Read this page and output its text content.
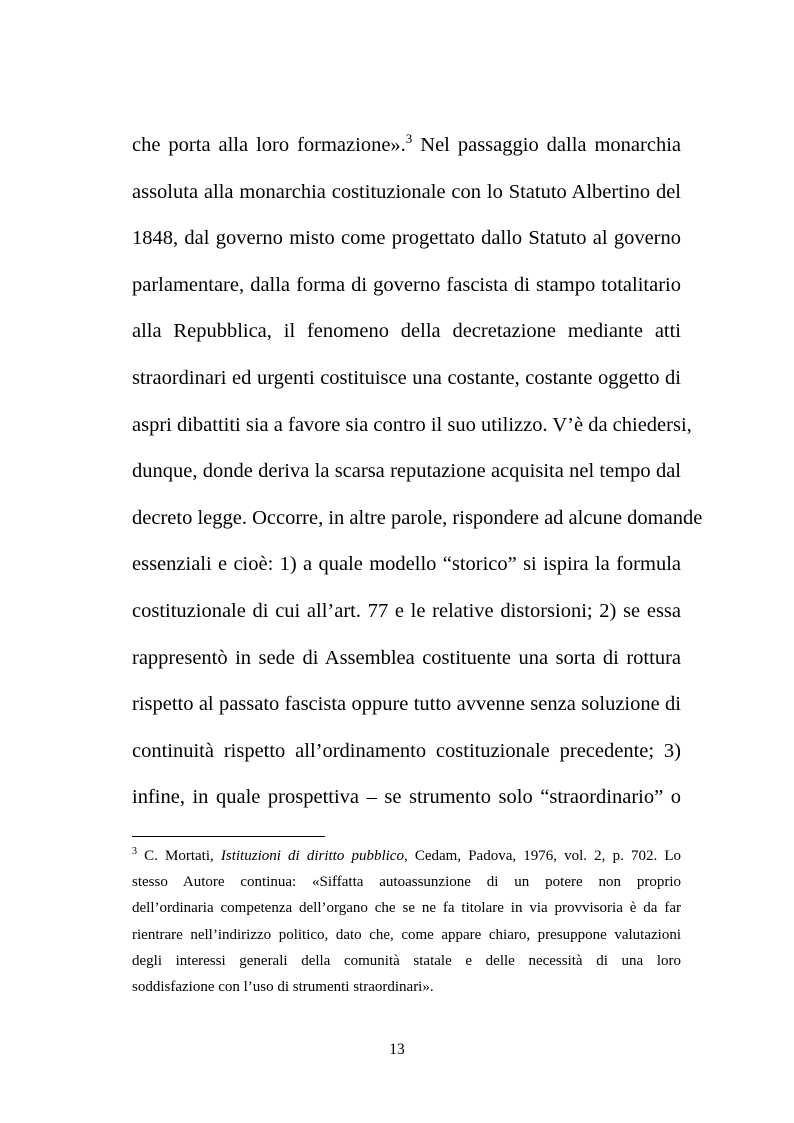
che porta alla loro formazione».$^3$ Nel passaggio dalla monarchia
assoluta alla monarchia costituzionale con lo Statuto Albertino del
1848, dal governo misto come progettato dallo Statuto al governo
parlamentare, dalla forma di governo fascista di stampo totalitario
alla Repubblica, il fenomeno della decretazione mediante atti
straordinari ed urgenti costituisce una costante, costante oggetto di
aspri dibattiti sia a favore sia contro il suo utilizzo. V’è da chiedersi,
dunque, donde deriva la scarsa reputazione acquisita nel tempo dal
decreto legge. Occorre, in altre parole, rispondere ad alcune domande
essenziali e cioè: 1) a quale modello “storico” si ispira la formula
costituzionale di cui all’art. 77 e le relative distorsioni; 2) se essa
rappresentò in sede di Assemblea costituente una sorta di rottura
rispetto al passato fascista oppure tutto avvenne senza soluzione di
continuità rispetto all’ordinamento costituzionale precedente; 3)
infine, in quale prospettiva – se strumento solo “straordinario” o
$^3$ C. Mortati, Istituzioni di diritto pubblico, Cedam, Padova, 1976, vol. 2, p. 702. Lo
stesso Autore continua: «Siffatta autoassunzione di un potere non proprio
dell’ordinaria competenza dell’organo che se ne fa titolare in via provvisoria è da far
rientrare nell’indirizzo politico, dato che, come appare chiaro, presuppone valutazioni
degli interessi generali della comunità statale e delle necessità di una loro
soddisfazione con l’uso di strumenti straordinari».
13
